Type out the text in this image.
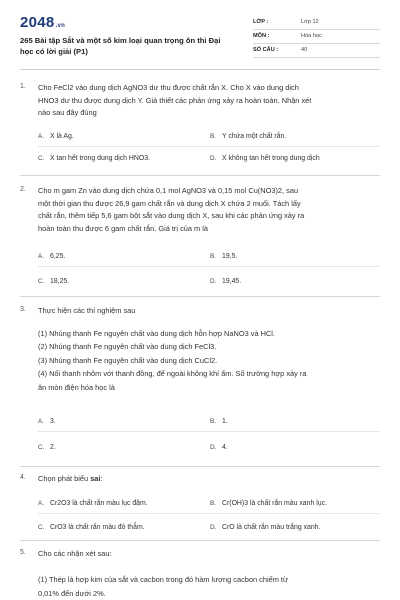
2048.vn
265 Bài tập Sắt và một số kim loại quan trọng ôn thi Đại
học có lời giải (P1)
LỚP :	Lớp 12
MÔN :	Hóa học
SỐ CÂU :	40
1. Cho FeCl2 vào dung dịch AgNO3 dư thu được chất rắn X. Cho X vào dung dịch
HNO3 dư thu được dung dịch Y. Giả thiết các phản ứng xảy ra hoàn toàn. Nhận xét
nào sau đây đúng
A. X là Ag.	B. Y chứa một chất rắn.
C. X tan hết trong dung dịch HNO3.	D. X không tan hết trong dung dịch
2. Cho m gam Zn vào dung dịch chứa 0,1 mol AgNO3 và 0,15 mol Cu(NO3)2, sau
một thời gian thu được 26,9 gam chất rắn và dung dịch X chứa 2 muối. Tách lấy
chất rắn, thêm tiếp 5,6 gam bột sắt vào dung dịch X, sau khi các phản ứng xảy ra
hoàn toàn thu được 6 gam chất rắn. Giá trị của m là
A. 6,25.	B. 19,5.
C. 18,25.	D. 19,45.
3. Thực hiện các thí nghiệm sau
(1) Nhúng thanh Fe nguyên chất vào dung dịch hỗn hợp NaNO3 và HCl.
(2) Nhúng thanh Fe nguyên chất vào dung dịch FeCl3.
(3) Nhúng thanh Fe nguyên chất vào dung dịch CuCl2.
(4) Nối thanh nhôm với thanh đồng, để ngoài không khí ẩm. Số trường hợp xảy ra
ăn mòn điện hóa học là
A. 3.	B. 1.
C. 2.	D. 4.
4. Chọn phát biểu sai:
A. Cr2O3 là chất rắn màu lục đậm.	B. Cr(OH)3 là chất rắn màu xanh lục.
C. CrO3 là chất rắn màu đỏ thẫm.	D. CrO là chất rắn màu trắng xanh.
5. Cho các nhận xét sau:
(1) Thép là hợp kim của sắt và cacbon trong đó hàm lượng cacbon chiếm từ
0,01% đến dưới 2%.
